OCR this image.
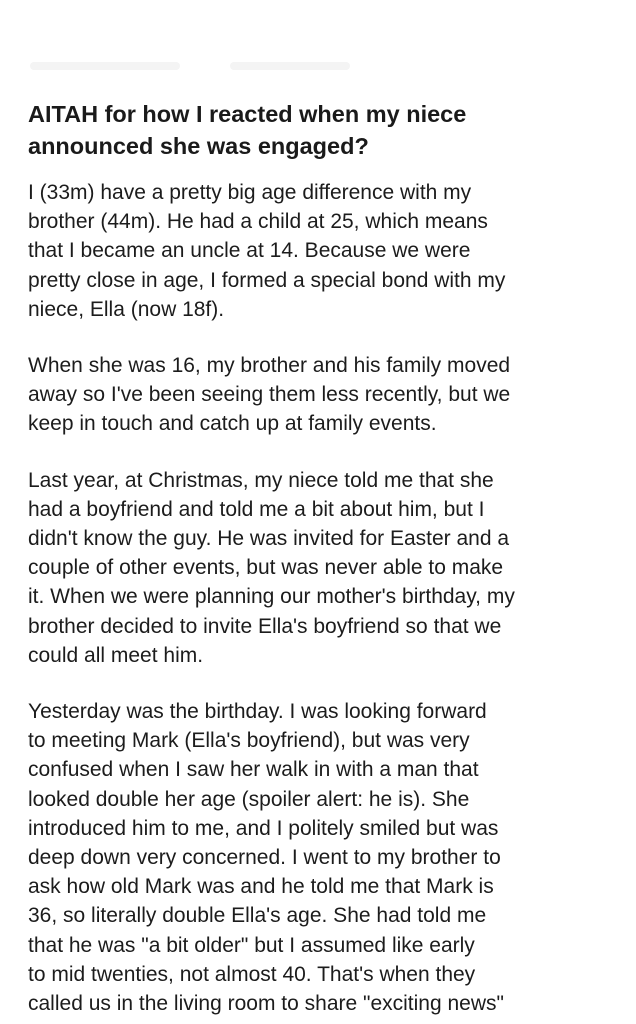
AITAH for how I reacted when my niece
announced she was engaged?

I (33m) have a pretty big age difference with my
brother (44m). He had a child at 25, which means
that I became an uncle at 14. Because we were
pretty close in age, I formed a special bond with my
niece, Ella (now 18f).

When she was 16, my brother and his family moved
away so I've been seeing them less recently, but we
keep in touch and catch up at family events.

Last year, at Christmas, my niece told me that she
had a boyfriend and told me a bit about him, but I
didn't know the guy. He was invited for Easter and a
couple of other events, but was never able to make
it. When we were planning our mother's birthday, my
brother decided to invite Ella's boyfriend so that we
could all meet him.

Yesterday was the birthday. I was looking forward
to meeting Mark (Ella's boyfriend), but was very
confused when I saw her walk in with a man that
looked double her age (spoiler alert: he is). She
introduced him to me, and I politely smiled but was
deep down very concerned. I went to my brother to
ask how old Mark was and he told me that Mark is
36, so literally double Ella's age. She had told me
that he was "a bit older" but I assumed like early
to mid twenties, not almost 40. That's when they
called us in the living room to share "exciting news"
